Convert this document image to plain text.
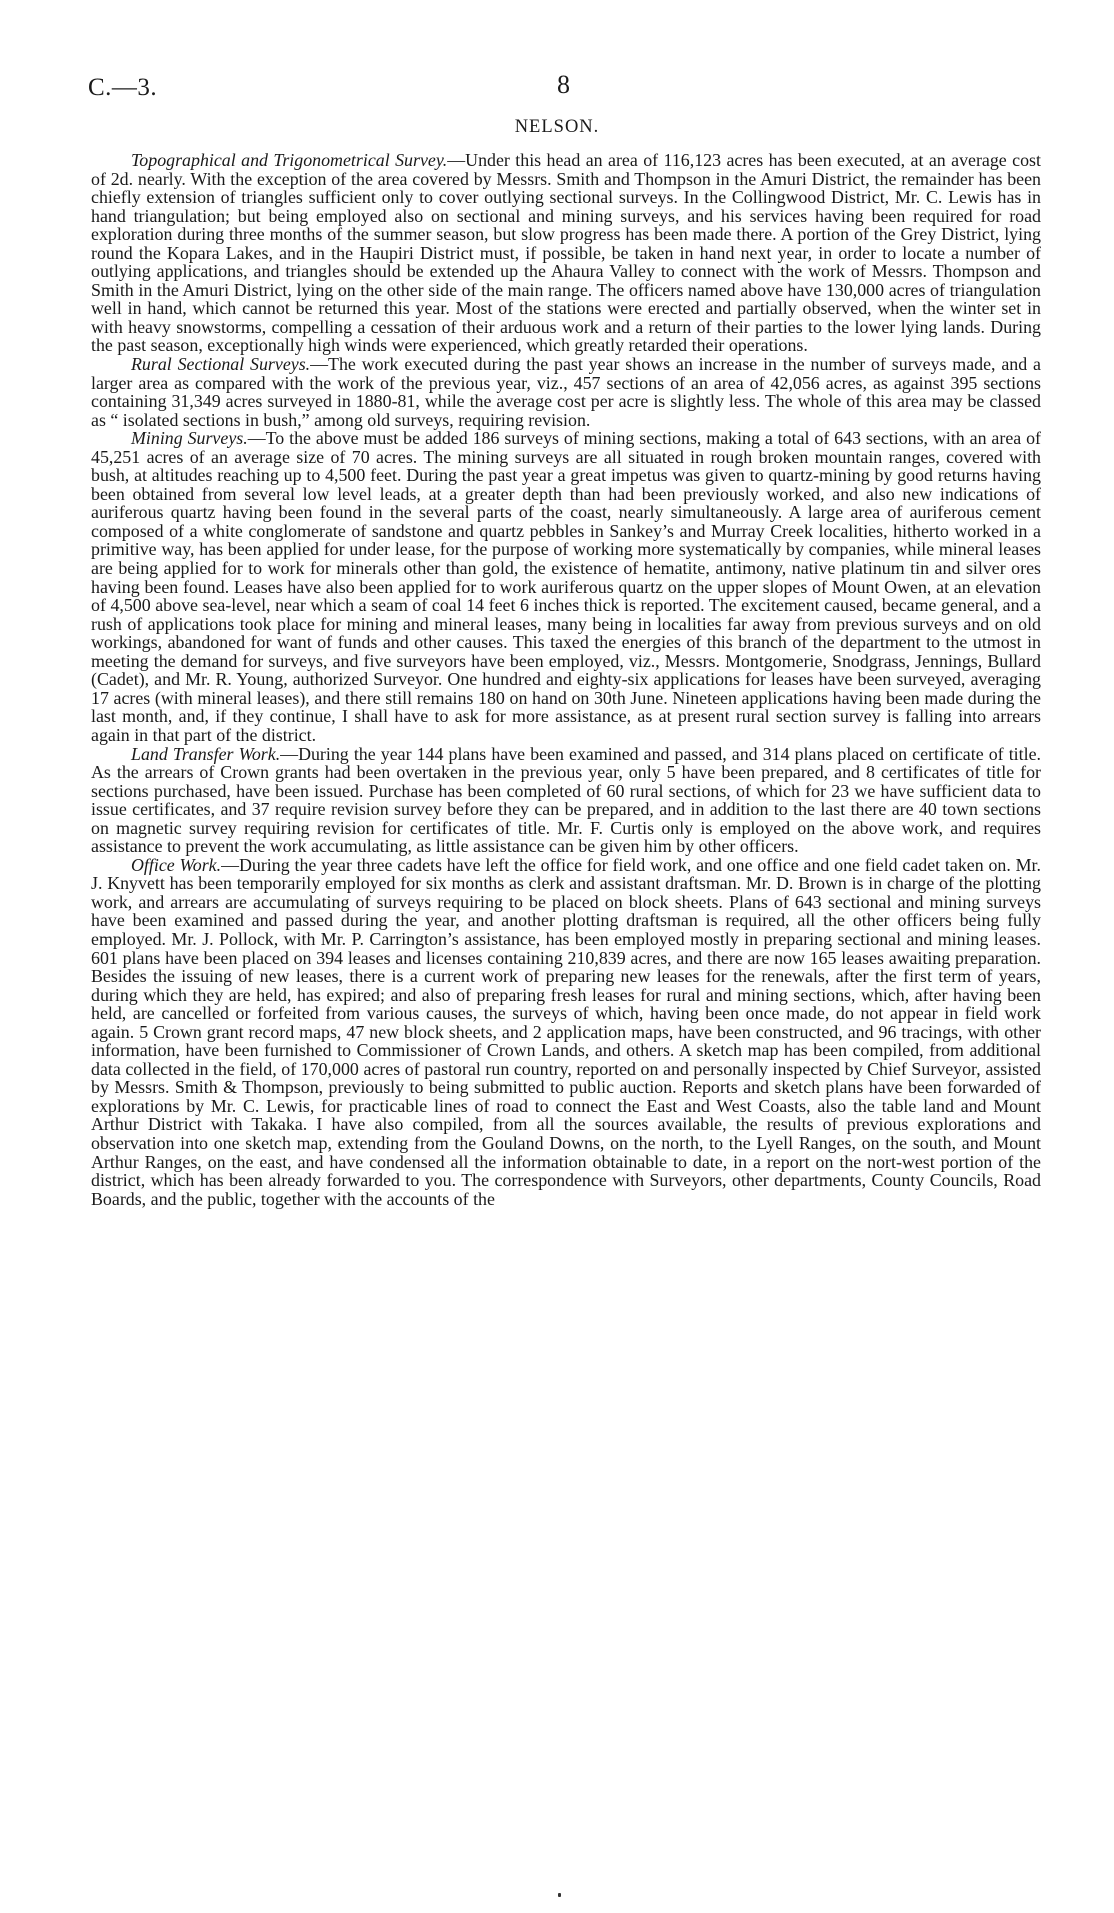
C.—3.	8
NELSON.

Topographical and Trigonometrical Survey.—Under this head an area of 116,123 acres has been executed, at an average cost of 2d. nearly. With the exception of the area covered by Messrs. Smith and Thompson in the Amuri District, the remainder has been chiefly extension of triangles sufficient only to cover outlying sectional surveys. In the Collingwood District, Mr. C. Lewis has in hand triangulation; but being employed also on sectional and mining surveys, and his services having been required for road exploration during three months of the summer season, but slow progress has been made there. A portion of the Grey District, lying round the Kopara Lakes, and in the Haupiri District must, if possible, be taken in hand next year, in order to locate a number of outlying applications, and triangles should be extended up the Ahaura Valley to connect with the work of Messrs. Thompson and Smith in the Amuri District, lying on the other side of the main range. The officers named above have 130,000 acres of triangulation well in hand, which cannot be returned this year. Most of the stations were erected and partially observed, when the winter set in with heavy snowstorms, compelling a cessation of their arduous work and a return of their parties to the lower lying lands. During the past season, exceptionally high winds were experienced, which greatly retarded their operations.

Rural Sectional Surveys.—The work executed during the past year shows an increase in the number of surveys made, and a larger area as compared with the work of the previous year, viz., 457 sections of an area of 42,056 acres, as against 395 sections containing 31,349 acres surveyed in 1880-81, while the average cost per acre is slightly less. The whole of this area may be classed as “ isolated sections in bush,” among old surveys, requiring revision.

Mining Surveys.—To the above must be added 186 surveys of mining sections, making a total of 643 sections, with an area of 45,251 acres of an average size of 70 acres. The mining surveys are all situated in rough broken mountain ranges, covered with bush, at altitudes reaching up to 4,500 feet. During the past year a great impetus was given to quartz-mining by good returns having been obtained from several low level leads, at a greater depth than had been previously worked, and also new indications of auriferous quartz having been found in the several parts of the coast, nearly simultaneously. A large area of auriferous cement composed of a white conglomerate of sandstone and quartz pebbles in Sankey’s and Murray Creek localities, hitherto worked in a primitive way, has been applied for under lease, for the purpose of working more systematically by companies, while mineral leases are being applied for to work for minerals other than gold, the existence of hematite, antimony, native platinum tin and silver ores having been found. Leases have also been applied for to work auriferous quartz on the upper slopes of Mount Owen, at an elevation of 4,500 above sea-level, near which a seam of coal 14 feet 6 inches thick is reported. The excitement caused, became general, and a rush of applications took place for mining and mineral leases, many being in localities far away from previous surveys and on old workings, abandoned for want of funds and other causes. This taxed the energies of this branch of the department to the utmost in meeting the demand for surveys, and five surveyors have been employed, viz., Messrs. Montgomerie, Snodgrass, Jennings, Bullard (Cadet), and Mr. R. Young, authorized Surveyor. One hundred and eighty-six applications for leases have been surveyed, averaging 17 acres (with mineral leases), and there still remains 180 on hand on 30th June. Nineteen applications having been made during the last month, and, if they continue, I shall have to ask for more assistance, as at present rural section survey is falling into arrears again in that part of the district.

Land Transfer Work.—During the year 144 plans have been examined and passed, and 314 plans placed on certificate of title. As the arrears of Crown grants had been overtaken in the previous year, only 5 have been prepared, and 8 certificates of title for sections purchased, have been issued. Purchase has been completed of 60 rural sections, of which for 23 we have sufficient data to issue certificates, and 37 require revision survey before they can be prepared, and in addition to the last there are 40 town sections on magnetic survey requiring revision for certificates of title. Mr. F. Curtis only is employed on the above work, and requires assistance to prevent the work accumulating, as little assistance can be given him by other officers.

Office Work.—During the year three cadets have left the office for field work, and one office and one field cadet taken on. Mr. J. Knyvett has been temporarily employed for six months as clerk and assistant draftsman. Mr. D. Brown is in charge of the plotting work, and arrears are accumulating of surveys requiring to be placed on block sheets. Plans of 643 sectional and mining surveys have been examined and passed during the year, and another plotting draftsman is required, all the other officers being fully employed. Mr. J. Pollock, with Mr. P. Carrington’s assistance, has been employed mostly in preparing sectional and mining leases. 601 plans have been placed on 394 leases and licenses containing 210,839 acres, and there are now 165 leases awaiting preparation. Besides the issuing of new leases, there is a current work of preparing new leases for the renewals, after the first term of years, during which they are held, has expired; and also of preparing fresh leases for rural and mining sections, which, after having been held, are cancelled or forfeited from various causes, the surveys of which, having been once made, do not appear in field work again. 5 Crown grant record maps, 47 new block sheets, and 2 application maps, have been constructed, and 96 tracings, with other information, have been furnished to Commissioner of Crown Lands, and others. A sketch map has been compiled, from additional data collected in the field, of 170,000 acres of pastoral run country, reported on and personally inspected by Chief Surveyor, assisted by Messrs. Smith & Thompson, previously to being submitted to public auction. Reports and sketch plans have been forwarded of explorations by Mr. C. Lewis, for practicable lines of road to connect the East and West Coasts, also the table land and Mount Arthur District with Takaka. I have also compiled, from all the sources available, the results of previous explorations and observation into one sketch map, extending from the Gouland Downs, on the north, to the Lyell Ranges, on the south, and Mount Arthur Ranges, on the east, and have condensed all the information obtainable to date, in a report on the nort-west portion of the district, which has been already forwarded to you. The correspondence with Surveyors, other departments, County Councils, Road Boards, and the public, together with the accounts of the
